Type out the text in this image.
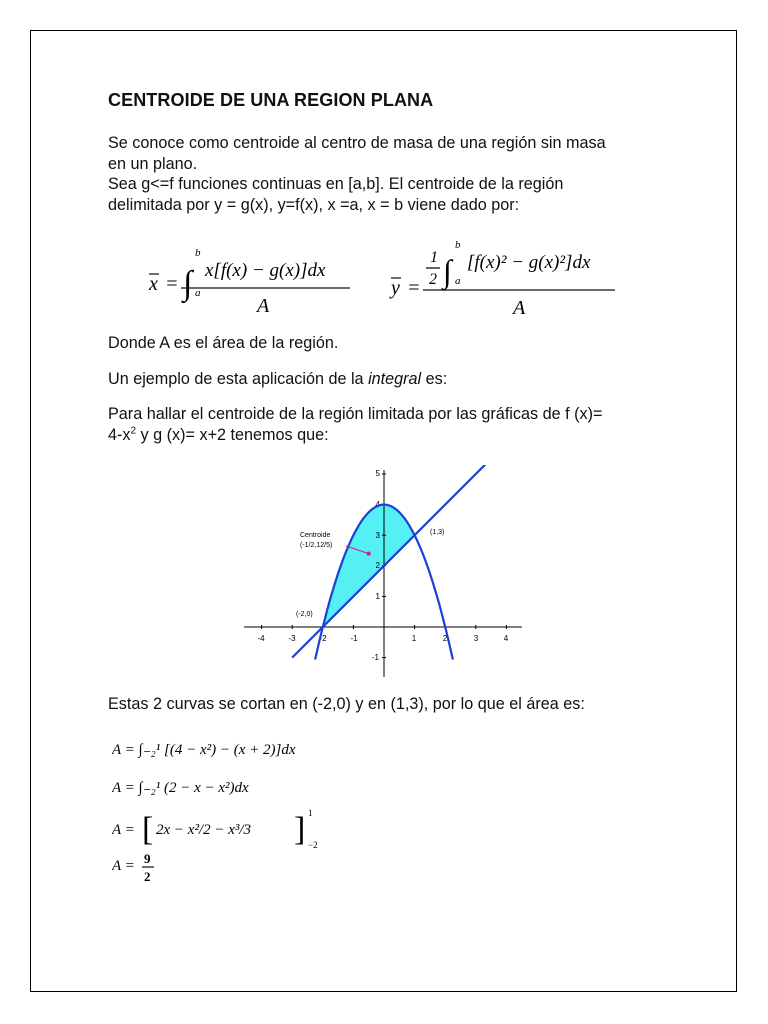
CENTROIDE DE UNA REGION PLANA

Se conoce como centroide al centro de masa de una región sin masa
en un plano.
Sea g<=f funciones continuas en [a,b]. El centroide de la región
delimitada por y = g(x), y=f(x), x =a, x = b viene dado por:

Donde A es el área de la región.

Un ejemplo de esta aplicación de la integral es:

Para hallar el centroide de la región limitada por las gráficas de f (x)=
$4-x^2$ y g (x)= x+2 tenemos que:

x = ∫
b
a
x[f(x) − g(x)]dx
A
y =
1
2 ∫
b
a
[f(x)² − g(x)²]dx
A
-4	-3	-2	-1	1	2	3	4
5
4
3
2
1
-1
Centroide
(-1/2,12/5)
(1,3)
(-2,0)

Estas 2 curvas se cortan en (-2,0) y en (1,3), por lo que el área es:

A = ∫₋₂¹ [(4 − x²) − (x + 2)]dx
A = ∫₋₂¹ (2 − x − x²)dx
A = [ 2x − x²/2 − x³/3 ] 1
−2
A = 9
2
